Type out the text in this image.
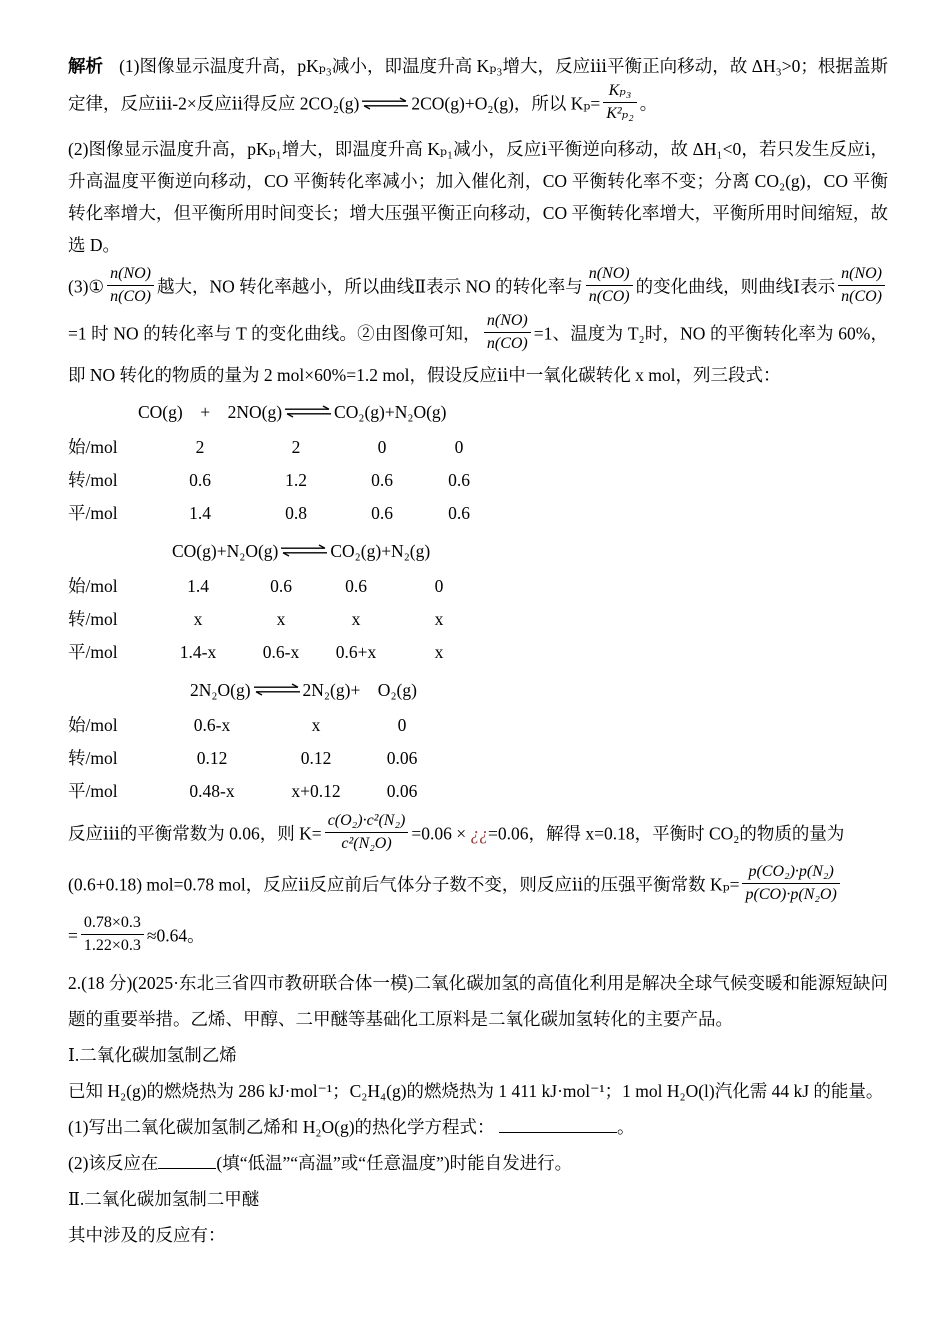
解析 (1)图像显示温度升高，pKₚ₃减小，即温度升高 Kₚ₃增大，反应ⅲ平衡正向移动，故 ΔH₃>0；根据盖斯定律，反应ⅲ-2×反应ⅱ得反应 2CO₂(g) ⇌ 2CO(g)+O₂(g)，所以 $K_p= \frac{\text{Kₚ₃}}{\text{K²ₚ₂}}$ 。

(2)图像显示温度升高，pKₚ₁增大，即温度升高 Kₚ₁减小，反应ⅰ平衡逆向移动，故 ΔH₁<0，若只发生反应ⅰ，升高温度平衡逆向移动，CO 平衡转化率减小；加入催化剂，CO 平衡转化率不变；分离 CO₂(g)，CO 平衡转化率增大，但平衡所用时间变长；增大压强平衡正向移动，CO 平衡转化率增大，平衡所用时间缩短，故选 D。

(3)① $\frac{n(NO)}{n(CO)}$ 越大，NO 转化率越小，所以曲线Ⅱ表示 NO 的转化率与 $\frac{n(NO)}{n(CO)}$ 的变化曲线，则曲线Ⅰ表示 $\frac{n(NO)}{n(CO)}$
=1 时 NO 的转化率与 T 的变化曲线。②由图像可知， $\frac{n(NO)}{n(CO)} =1$、温度为 T₂时，NO 的平衡转化率为 60%，即 NO 转化的物质的量为 2 mol×60%=1.2 mol，假设反应ⅱ中一氧化碳转化 x mol，列三段式：

CO(g)　+　2NO(g) ⇌ CO₂(g)+N₂O(g)
始/mol	2	2	0	0
转/mol	0.6	1.2	0.6	0.6
平/mol	1.4	0.8	0.6	0.6
CO(g)+N₂O(g) ⇌ CO₂(g)+N₂(g)
始/mol	1.4	0.6	0.6	0
转/mol	x	x	x	x
平/mol	1.4-x	0.6-x	0.6+x	x
2N₂O(g) ⇌ 2N₂(g)+　O₂(g)
始/mol	0.6-x	x	0
转/mol	0.12	0.12	0.06
平/mol	0.48-x	x+0.12	0.06

反应ⅲ的平衡常数为 0.06，则 $K= \frac{\text{c(O₂)·c²(N₂)}}{\text{c²(N₂O)}} =0.06$ × ¿¿=0.06，解得 x=0.18，平衡时 CO₂的物质的量为

(0.6+0.18) mol=0.78 mol，反应ⅱ反应前后气体分子数不变，则反应ⅱ的压强平衡常数 $K_p= \frac{\text{p(CO₂)·p(N₂)}}{\text{p(CO)·p(N₂O)}}$

= $\frac{0.78\times 0.3}{1.22\times 0.3} \approx 0.64$。

2.(18 分)(2025·东北三省四市教研联合体一模)二氧化碳加氢的高值化利用是解决全球气候变暖和能源短缺问题的重要举措。乙烯、甲醇、二甲醚等基础化工原料是二氧化碳加氢转化的主要产品。

Ⅰ.二氧化碳加氢制乙烯

已知 H₂(g)的燃烧热为 286 kJ·mol⁻¹；C₂H₄(g)的燃烧热为 1 411 kJ·mol⁻¹；1 mol H₂O(l)汽化需 44 kJ 的能量。

(1)写出二氧化碳加氢制乙烯和 H₂O(g)的热化学方程式：	。

(2)该反应在	(填“低温”“高温”或“任意温度”)时能自发进行。

Ⅱ.二氧化碳加氢制二甲醚

其中涉及的反应有：
